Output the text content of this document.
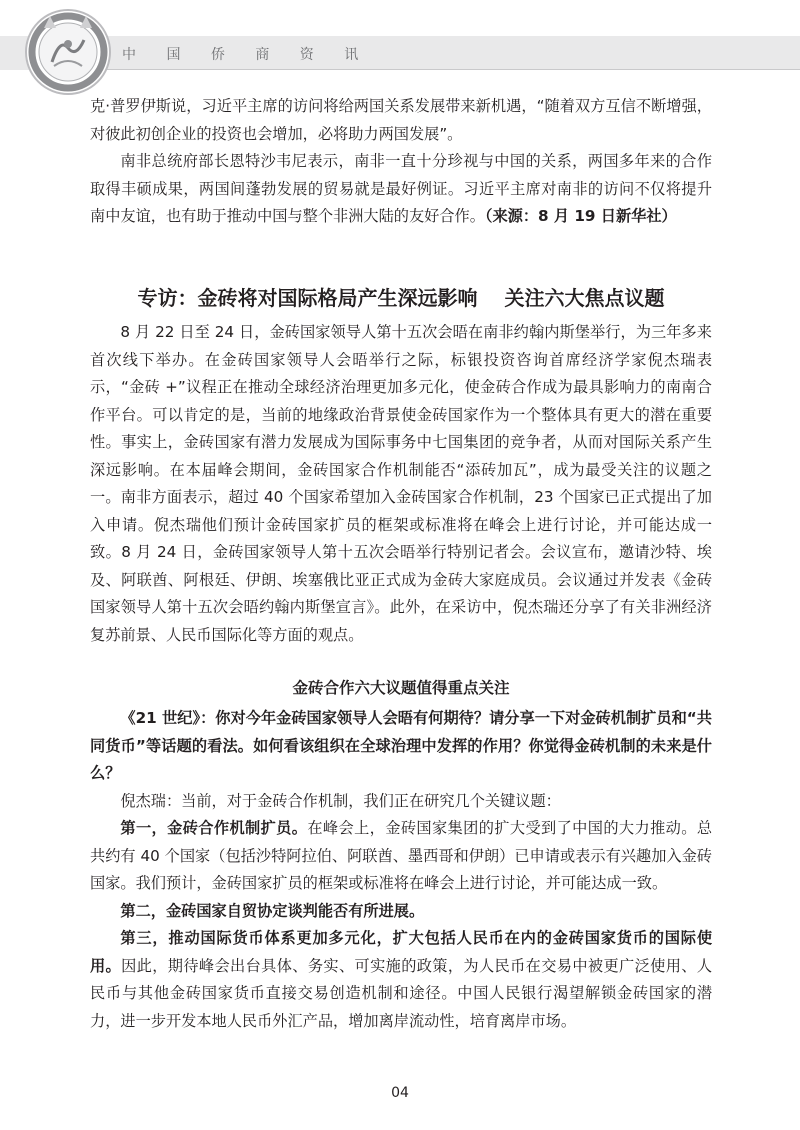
中 国 侨 商 资 讯

克·普罗伊斯说，习近平主席的访问将给两国关系发展带来新机遇，“随着双方互信不断增强，对彼此初创企业的投资也会增加，必将助力两国发展”。

南非总统府部长恩特沙韦尼表示，南非一直十分珍视与中国的关系，两国多年来的合作取得丰硕成果，两国间蓬勃发展的贸易就是最好例证。习近平主席对南非的访问不仅将提升南中友谊，也有助于推动中国与整个非洲大陆的友好合作。（来源：8 月 19 日新华社）

专访：金砖将对国际格局产生深远影响　 关注六大焦点议题

8 月 22 日至 24 日，金砖国家领导人第十五次会晤在南非约翰内斯堡举行，为三年多来首次线下举办。在金砖国家领导人会晤举行之际，标银投资咨询首席经济学家倪杰瑞表示，“金砖 +”议程正在推动全球经济治理更加多元化，使金砖合作成为最具影响力的南南合作平台。可以肯定的是，当前的地缘政治背景使金砖国家作为一个整体具有更大的潜在重要性。事实上，金砖国家有潜力发展成为国际事务中七国集团的竞争者，从而对国际关系产生深远影响。在本届峰会期间，金砖国家合作机制能否“添砖加瓦”，成为最受关注的议题之一。南非方面表示，超过 40 个国家希望加入金砖国家合作机制，23 个国家已正式提出了加入申请。倪杰瑞他们预计金砖国家扩员的框架或标准将在峰会上进行讨论，并可能达成一致。8 月 24 日，金砖国家领导人第十五次会晤举行特别记者会。会议宣布，邀请沙特、埃及、阿联酋、阿根廷、伊朗、埃塞俄比亚正式成为金砖大家庭成员。会议通过并发表《金砖国家领导人第十五次会晤约翰内斯堡宣言》。此外，在采访中，倪杰瑞还分享了有关非洲经济复苏前景、人民币国际化等方面的观点。

金砖合作六大议题值得重点关注

《21 世纪》：你对今年金砖国家领导人会晤有何期待？请分享一下对金砖机制扩员和“共同货币”等话题的看法。如何看该组织在全球治理中发挥的作用？你觉得金砖机制的未来是什么？

倪杰瑞：当前，对于金砖合作机制，我们正在研究几个关键议题：

第一，金砖合作机制扩员。在峰会上，金砖国家集团的扩大受到了中国的大力推动。总共约有 40 个国家（包括沙特阿拉伯、阿联酋、墨西哥和伊朗）已申请或表示有兴趣加入金砖国家。我们预计，金砖国家扩员的框架或标准将在峰会上进行讨论，并可能达成一致。

第二，金砖国家自贸协定谈判能否有所进展。

第三，推动国际货币体系更加多元化，扩大包括人民币在内的金砖国家货币的国际使用。因此，期待峰会出台具体、务实、可实施的政策，为人民币在交易中被更广泛使用、人民币与其他金砖国家货币直接交易创造机制和途径。中国人民银行渴望解锁金砖国家的潜力，进一步开发本地人民币外汇产品，增加离岸流动性，培育离岸市场。

04
